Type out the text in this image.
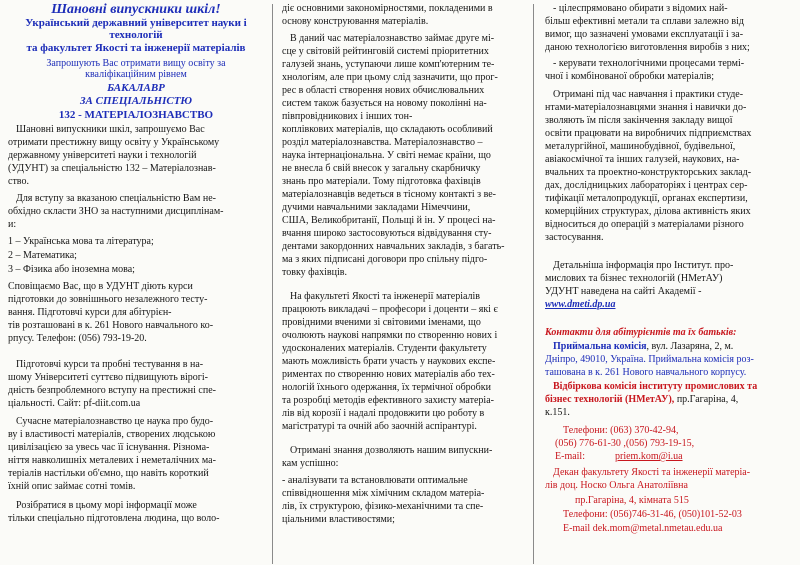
Шановні випускники шкіл!
Український державний університет науки і
технологій
та факультет Якості та інженерії матеріалів
Запрошують Вас отримати вищу освіту за
кваліфікаційним рівнем
БАКАЛАВР
ЗА СПЕЦІАЛЬНІСТЮ
132 - МАТЕРІАЛОЗНАВСТВО
Шановні випускники шкіл, запрошуємо Вас
отримати престижну вищу освіту у Українському
державному університеті науки і технологій
(УДУНТ) за спеціальністю 132 – Матеріалознав-
ство.
Для вступу за вказаною спеціальністю Вам не-
обхідно скласти ЗНО за наступними дисциплінам-
и:
1 – Українська мова та література;
2 – Математика;
3 – Фізика або іноземна мова;
Сповіщаємо Вас, що в УДУНТ діють курси
підготовки до зовнішнього незалежного тесту-
вання. Підготовчі курси для абітурієн-
тів розташовані в к. 261 Нового навчального ко-
рпусу. Телефон: (056) 793-19-20.
Підготовчі курси та пробні тестування в на-
шому Університеті суттєво підвищують вірогі-
дність безпроблемного вступу на престижні спе-
ціальності. Сайт: pf-diit.com.ua
Сучасне матеріалознавство це наука про будо-
ву і властивості матеріалів, створених людською
цивілізацією за увесь час її існування. Різнома-
ніття навколишніх металевих і неметалічних ма-
теріалів настільки об'ємно, що навіть короткий
їхній опис займає сотні томів.
Розібратися в цьому морі інформації може
тільки спеціально підготовлена людина, що воло-
діє основними закономірностями, покладеними в
основу конструювання матеріалів.
В даний час матеріалознавство займає друге мі-
сце у світовій рейтинговій системі пріоритетних
галузей знань, уступаючи лише комп'ютерним те-
хнологіям, але при цьому слід зазначити, що прог-
рес в області створення нових обчислювальних
систем також базується на новому поколінні на-
півпровідникових і інших тон-
коплівкових матеріалів, що складають особливий
розділ матеріалознавства. Матеріалознавство –
наука інтернаціональна. У світі немає країни, що
не внесла б свій внесок у загальну скарбничку
знань про матеріали. Тому підготовка фахівців
матеріалознавців ведеться в тісному контакті з ве-
дучими навчальними закладами Німеччини,
США, Великобританії, Польщі й ін. У процесі на-
вчання широко застосовуються відвідування сту-
дентами закордонних навчальних закладів, з багать-
ма з яких підписані договори про спільну підго-
товку фахівців.
На факультеті Якості та інженерії матеріалів
працюють викладачі – професори і доценти – які є
провідними вченими зі світовими іменами, що
очолюють наукові напрямки по створенню нових і
удосконалених матеріалів. Студенти факультету
мають можливість брати участь у наукових експе-
риментах по створенню нових матеріалів або тех-
нологій їхнього одержання, їх термічної обробки
та розробці методів ефективного захисту матеріа-
лів від корозії і надалі продовжити цю роботу в
магістратурі та очній або заочній аспірантурі.
Отримані знання дозволяють нашим випускни-
кам успішно:
- аналізувати та встановлювати оптимальне
співвідношення між хімічним складом матеріа-
лів, їх структурою, фізико-механічними та спе-
ціальними властивостями;
- цілеспрямовано обирати з відомих най-
більш ефективні метали та сплави залежно від
вимог, що зазначені умовами експлуатації і за-
даною технологією виготовлення виробів з них;
- керувати технологічними процесами термі-
чної і комбінованої обробки матеріалів;
Отримані під час навчання і практики студе-
нтами-матеріалознавцями знання і навички до-
зволяють їм після закінчення закладу вищої
освіти працювати на виробничих підприємствах
металургійної, машинобудівної, будівельної,
авіакосмічної та інших галузей, наукових, на-
вчальних та проектно-конструкторських заклад-
дах, дослідницьких лабораторіях і центрах сер-
тифікації металопродукції, органах експертизи,
комерційних структурах, ділова активність яких
відноситься до операцій з матеріалами різного
застосування.
Детальніша інформація про Інститут. про-
мислових та бізнес технологій (НМетАУ)
УДУНТ наведена на сайті Академії -
www.dmeti.dp.ua
Контакти для абітурієнтів та їх батьків:
Приймальна комісія, вул. Лазаряна, 2, м.
Дніпро, 49010, Україна. Приймальна комісія роз-
ташована в к. 261 Нового навчального корпусу.
Відбіркова комісія інституту промислових та
бізнес технологій (НМетАУ), пр.Гагаріна, 4,
к.151.
Телефони: (063) 370-42-94,
(056) 776-61-30 ,(056) 793-19-15,
E-mail:	priem.kom@i.ua
Декан факультету Якості та інженерії матеріа-
лів доц. Носко Ольга Анатоліївна
пр.Гагаріна, 4, кімната 515
Телефони: (056)746-31-46, (050)101-52-03
E-mail dek.mom@metal.nmetau.edu.ua
